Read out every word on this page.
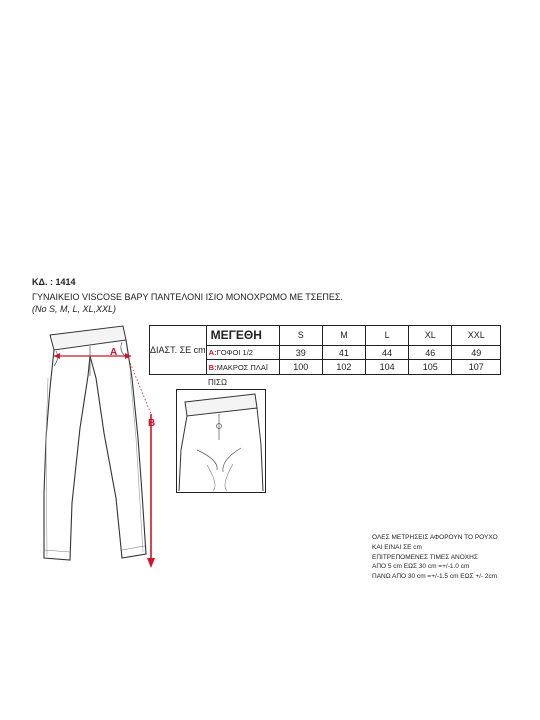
ΚΔ. : 1414
ΓΥΝΑΙΚΕΙΟ VISCOSE ΒΑΡΥ ΠΑΝΤΕΛΟΝΙ ΙΣΙΟ ΜΟΝΟΧΡΩΜΟ ΜΕ ΤΣΕΠΕΣ.
(No S, M, L, XL,XXL)
A
B
ΔΙΑΣΤ. ΣΕ cm	ΜΕΓΕΘΗ	S	M	L	XL	XXL
	A:ΓΟΦΟΙ 1/2	39	41	44	46	49
	B:ΜΑΚΡΟΣ ΠΛΑΪ	100	102	104	105	107
ΠΙΣΩ
ΟΛΕΣ ΜΕΤΡΗΣΕΙΣ ΑΦΟΡΟΥΝ ΤΟ ΡΟΥΧΟ
ΚΑΙ ΕΙΝΑΙ ΣΕ cm
ΕΠΙΤΡΕΠΟΜΕΝΕΣ ΤΙΜΕΣ ΑΝΟΧΗΣ
ΑΠΟ 5 cm ΕΩΣ 30 cm =+/-1.0 cm
ΠΑΝΩ ΑΠΟ 30 cm =+/-1.5 cm ΕΩΣ +/- 2cm
